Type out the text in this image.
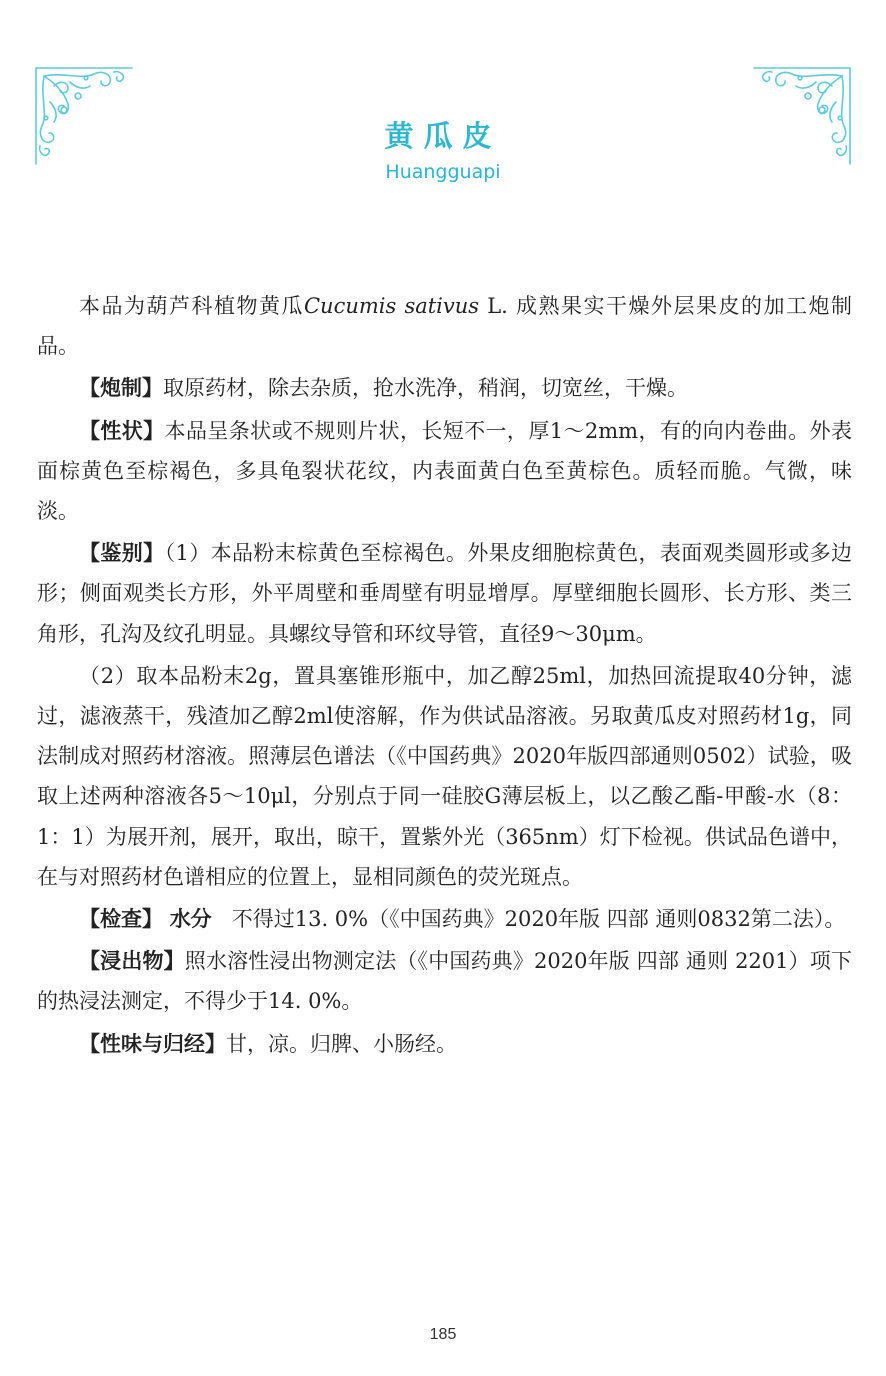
黄瓜皮
Huangguapi

本品为葫芦科植物黄瓜Cucumis sativus L. 成熟果实干燥外层果皮的加工炮制品。

【炮制】取原药材，除去杂质，抢水洗净，稍润，切宽丝，干燥。

【性状】本品呈条状或不规则片状，长短不一，厚1～2mm，有的向内卷曲。外表面棕黄色至棕褐色，多具龟裂状花纹，内表面黄白色至黄棕色。质轻而脆。气微，味淡。

【鉴别】（1）本品粉末棕黄色至棕褐色。外果皮细胞棕黄色，表面观类圆形或多边形；侧面观类长方形，外平周壁和垂周壁有明显增厚。厚壁细胞长圆形、长方形、类三角形，孔沟及纹孔明显。具螺纹导管和环纹导管，直径9～30μm。

（2）取本品粉末2g，置具塞锥形瓶中，加乙醇25ml，加热回流提取40分钟，滤过，滤液蒸干，残渣加乙醇2ml使溶解，作为供试品溶液。另取黄瓜皮对照药材1g，同法制成对照药材溶液。照薄层色谱法（《中国药典》2020年版四部通则0502）试验，吸取上述两种溶液各5～10μl，分别点于同一硅胶G薄层板上，以乙酸乙酯-甲酸-水（8：1：1）为展开剂，展开，取出，晾干，置紫外光（365nm）灯下检视。供试品色谱中，在与对照药材色谱相应的位置上，显相同颜色的荧光斑点。

【检查】 水分 不得过13. 0%（《中国药典》2020年版 四部 通则0832第二法）。

【浸出物】照水溶性浸出物测定法（《中国药典》2020年版 四部 通则 2201）项下的热浸法测定，不得少于14. 0%。

【性味与归经】甘，凉。归脾、小肠经。

185
